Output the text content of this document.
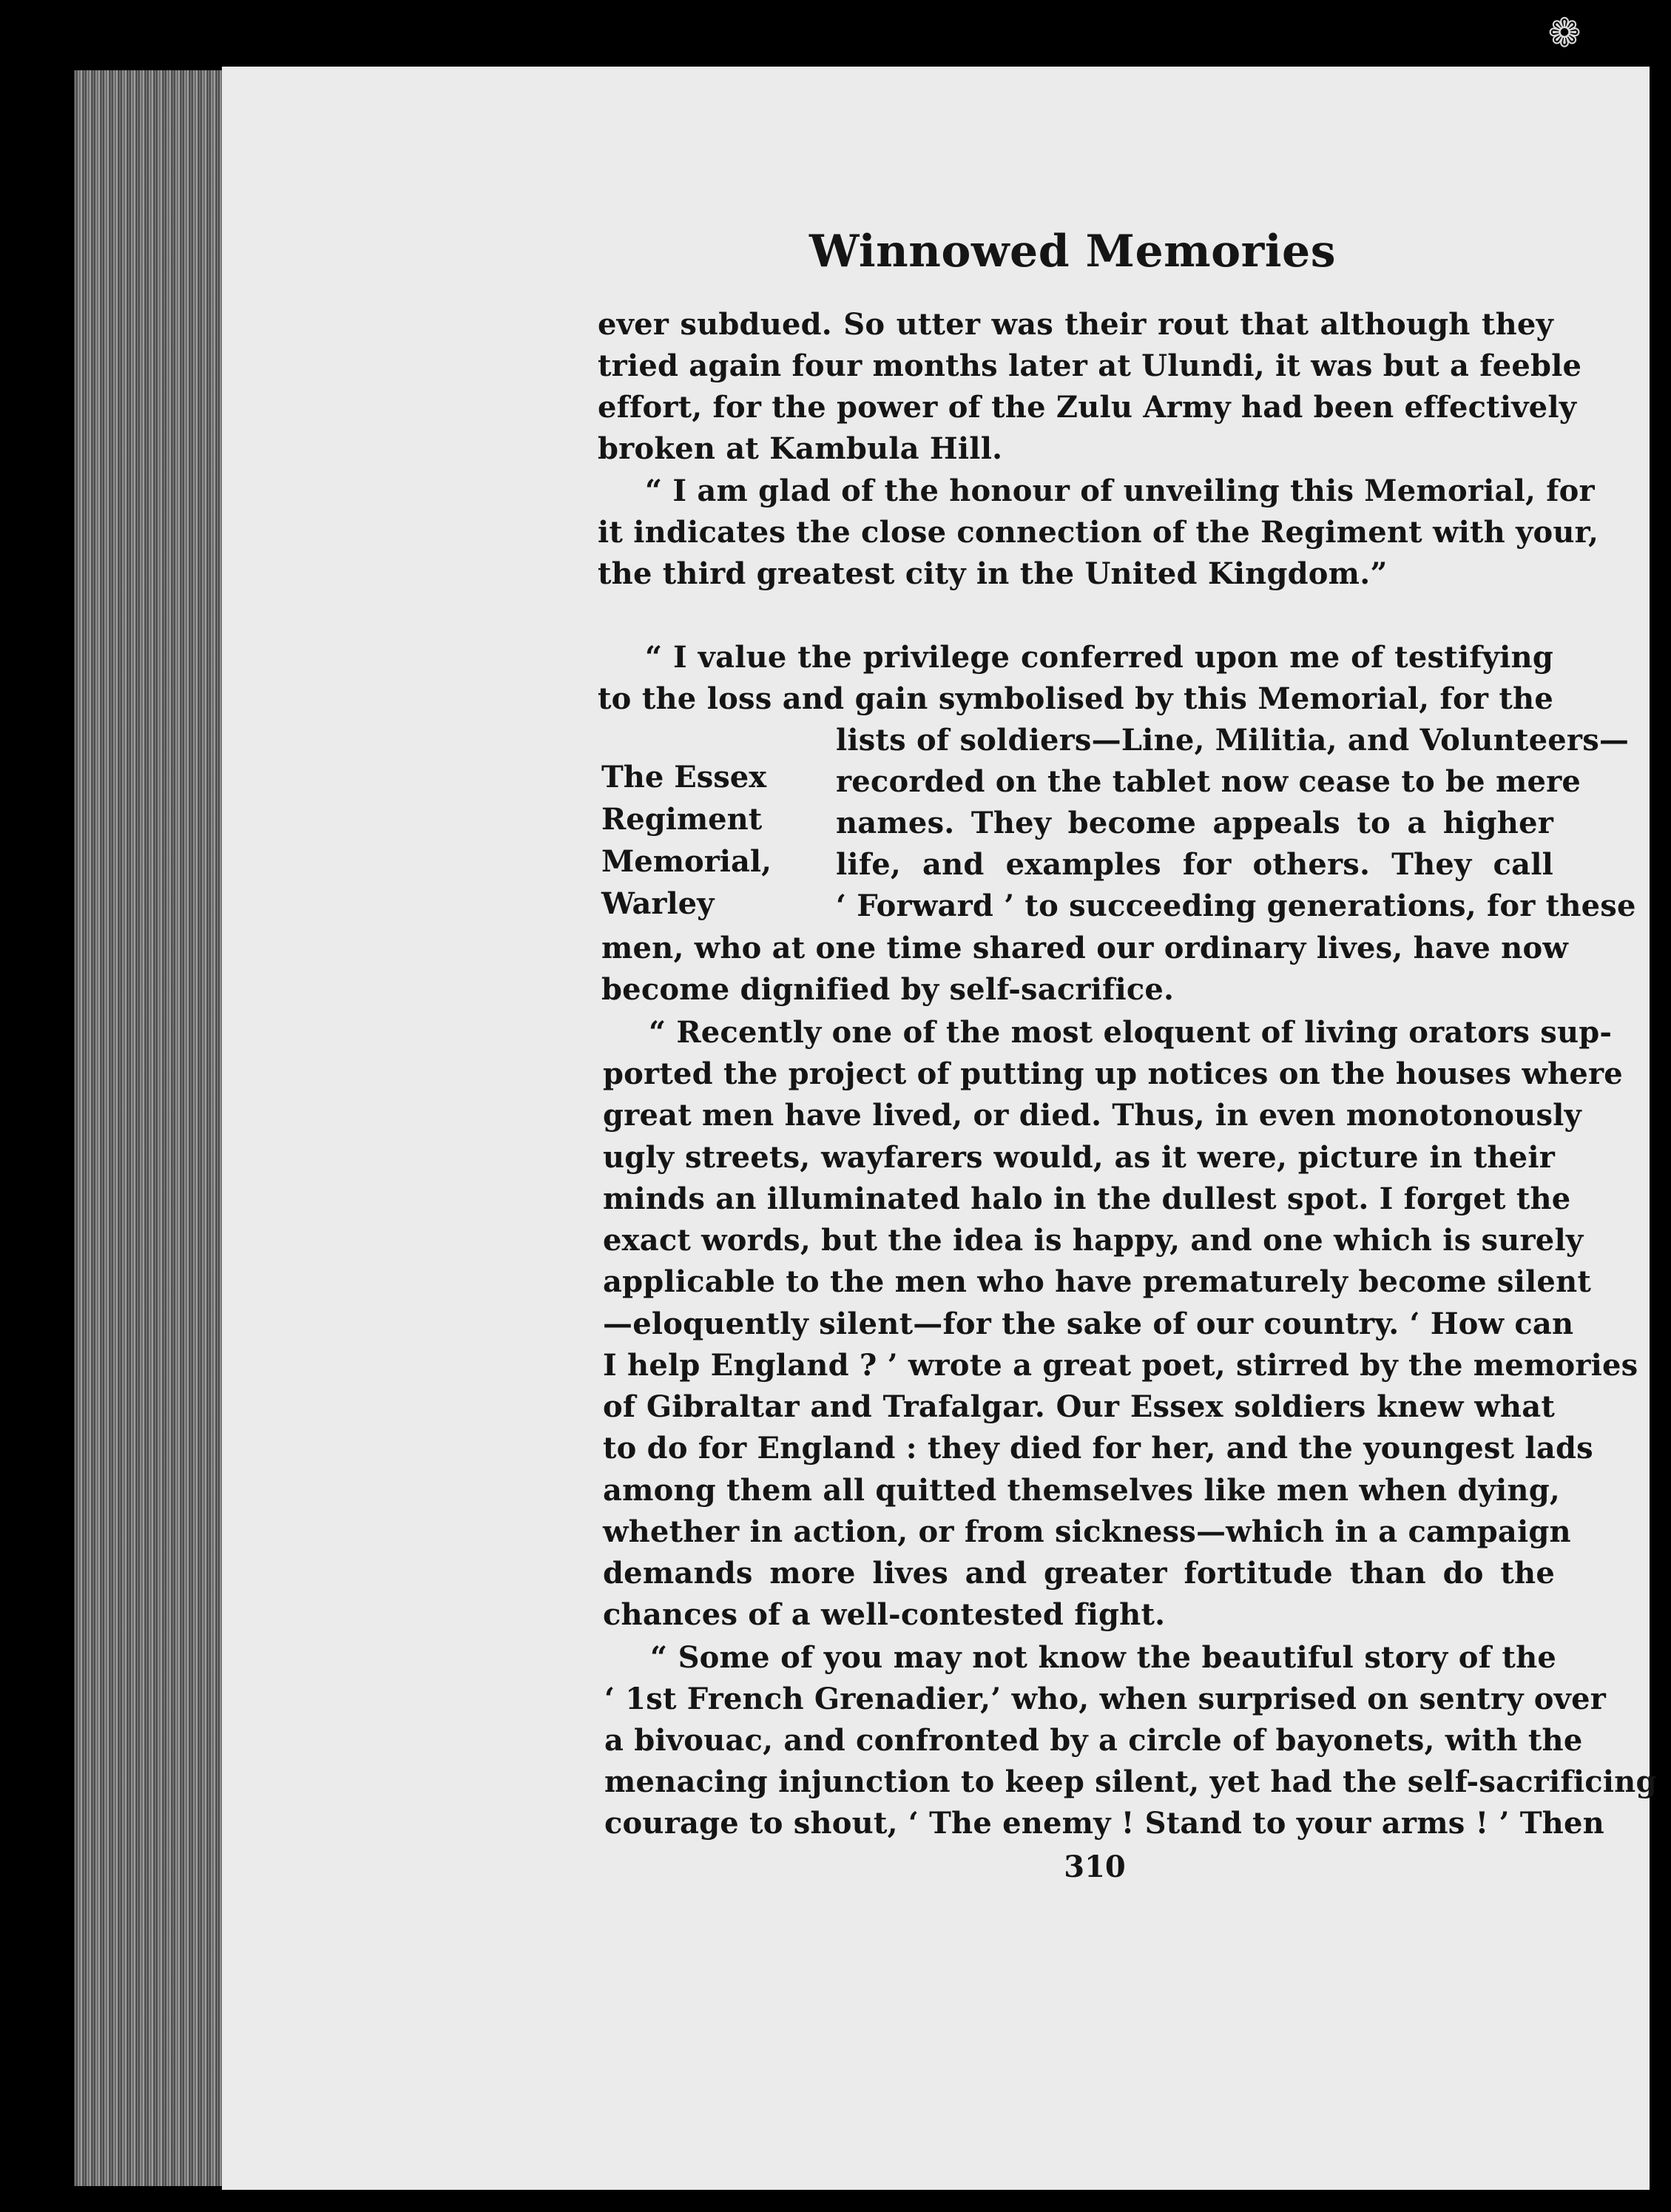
❁
Winnowed Memories
The Essex
Regiment
Memorial,
Warley
ever subdued. So utter was their rout that although they
tried again four months later at Ulundi, it was but a feeble
effort, for the power of the Zulu Army had been effectively
broken at Kambula Hill.
“ I am glad of the honour of unveiling this Memorial, for
it indicates the close connection of the Regiment with your,
the third greatest city in the United Kingdom.”
“ I value the privilege conferred upon me of testifying
to the loss and gain symbolised by this Memorial, for the
lists of soldiers—Line, Militia, and Volunteers—
recorded on the tablet now cease to be mere
names. They become appeals to a higher
life, and examples for others. They call
‘ Forward ’ to succeeding generations, for these
men, who at one time shared our ordinary lives, have now
become dignified by self-sacrifice.
“ Recently one of the most eloquent of living orators sup-
ported the project of putting up notices on the houses where
great men have lived, or died. Thus, in even monotonously
ugly streets, wayfarers would, as it were, picture in their
minds an illuminated halo in the dullest spot. I forget the
exact words, but the idea is happy, and one which is surely
applicable to the men who have prematurely become silent
—eloquently silent—for the sake of our country. ‘ How can
I help England ? ’ wrote a great poet, stirred by the memories
of Gibraltar and Trafalgar. Our Essex soldiers knew what
to do for England : they died for her, and the youngest lads
among them all quitted themselves like men when dying,
whether in action, or from sickness—which in a campaign
demands more lives and greater fortitude than do the
chances of a well-contested fight.
“ Some of you may not know the beautiful story of the
‘ 1st French Grenadier,’ who, when surprised on sentry over
a bivouac, and confronted by a circle of bayonets, with the
menacing injunction to keep silent, yet had the self-sacrificing
courage to shout, ‘ The enemy ! Stand to your arms ! ’ Then
310
